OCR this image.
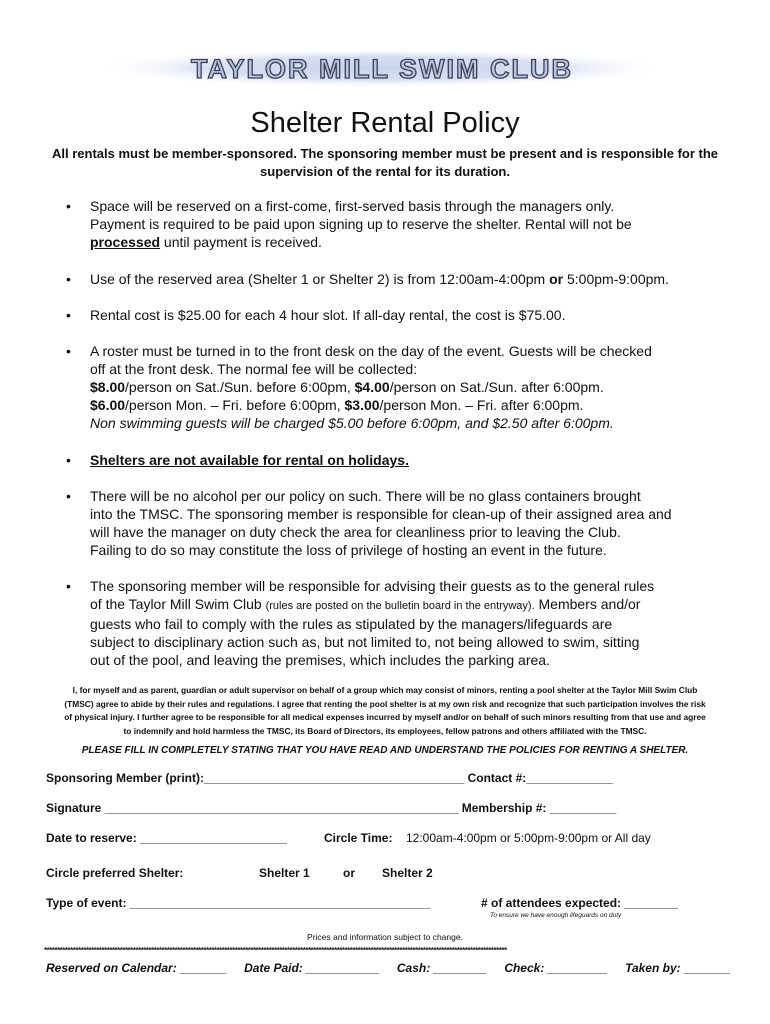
TAYLOR MILL SWIM CLUB
Shelter Rental Policy
All rentals must be member-sponsored. The sponsoring member must be present and is responsible for the supervision of the rental for its duration.
• Space will be reserved on a first-come, first-served basis through the managers only.
Payment is required to be paid upon signing up to reserve the shelter. Rental will not be
processed until payment is received.
• Use of the reserved area (Shelter 1 or Shelter 2) is from 12:00am-4:00pm or 5:00pm-9:00pm.
• Rental cost is $25.00 for each 4 hour slot. If all-day rental, the cost is $75.00.
• A roster must be turned in to the front desk on the day of the event. Guests will be checked
off at the front desk. The normal fee will be collected:
$8.00/person on Sat./Sun. before 6:00pm, $4.00/person on Sat./Sun. after 6:00pm.
$6.00/person Mon. – Fri. before 6:00pm, $3.00/person Mon. – Fri. after 6:00pm.
Non swimming guests will be charged $5.00 before 6:00pm, and $2.50 after 6:00pm.
• Shelters are not available for rental on holidays.
• There will be no alcohol per our policy on such. There will be no glass containers brought
into the TMSC. The sponsoring member is responsible for clean-up of their assigned area and
will have the manager on duty check the area for cleanliness prior to leaving the Club.
Failing to do so may constitute the loss of privilege of hosting an event in the future.
• The sponsoring member will be responsible for advising their guests as to the general rules
of the Taylor Mill Swim Club (rules are posted on the bulletin board in the entryway). Members and/or
guests who fail to comply with the rules as stipulated by the managers/lifeguards are
subject to disciplinary action such as, but not limited to, not being allowed to swim, sitting
out of the pool, and leaving the premises, which includes the parking area.
I, for myself and as parent, guardian or adult supervisor on behalf of a group which may consist of minors, renting a pool shelter at the Taylor Mill Swim Club
(TMSC) agree to abide by their rules and regulations. I agree that renting the pool shelter is at my own risk and recognize that such participation involves the risk
of physical injury. I further agree to be responsible for all medical expenses incurred by myself and/or on behalf of such minors resulting from that use and agree
to indemnify and hold harmless the TMSC, its Board of Directors, its employees, fellow patrons and others affiliated with the TMSC.
PLEASE FILL IN COMPLETELY STATING THAT YOU HAVE READ AND UNDERSTAND THE POLICIES FOR RENTING A SHELTER.
Sponsoring Member (print):_______________________________________ Contact #:_____________
Signature _____________________________________________________ Membership #: __________
Date to reserve: ______________________	Circle Time: 12:00am-4:00pm or 5:00pm-9:00pm or All day
Circle preferred Shelter:	Shelter 1	or Shelter 2
Type of event: _____________________________________________	# of attendees expected: ________
To ensure we have enough lifeguards on duty
Prices and information subject to change.
*********************************************************************************************************************************************************************************
Reserved on Calendar: _______ Date Paid: ___________ Cash: ________ Check: _________ Taken by: _______
